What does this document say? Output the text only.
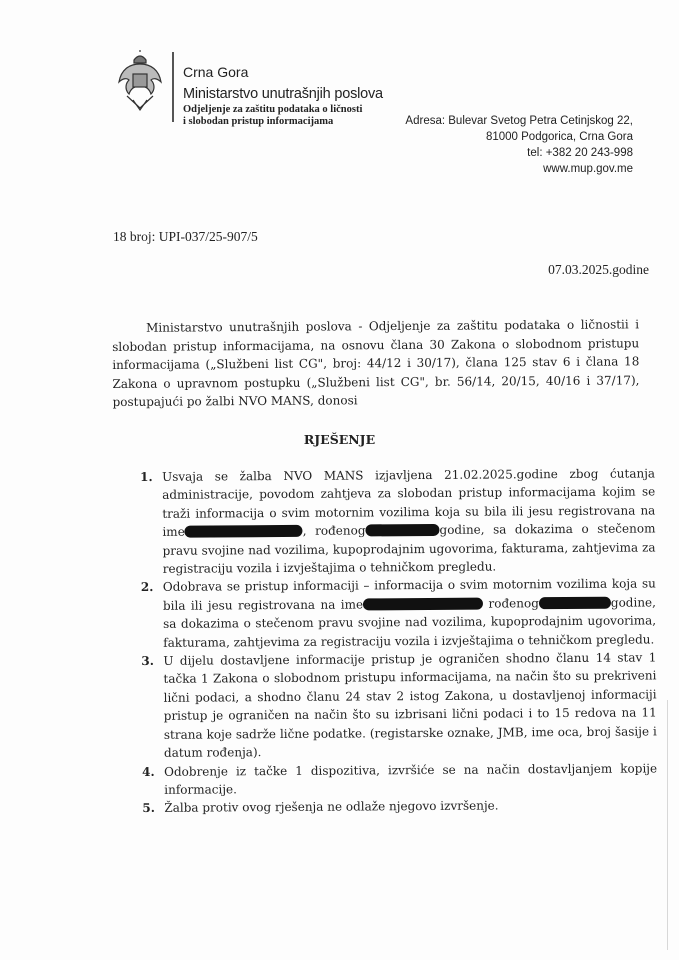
Crna Gora
Ministarstvo unutrašnjih poslova
Odjeljenje za zaštitu podataka o ličnosti
i slobodan pristup informacijama	Adresa: Bulevar Svetog Petra Cetinjskog 22,
81000 Podgorica, Crna Gora
tel: +382 20 243-998
www.mup.gov.me
18 broj: UPI-037/25-907/5
07.03.2025.godine
Ministarstvo unutrašnjih poslova - Odjeljenje za zaštitu podataka o ličnostii i slobodan pristup informacijama, na osnovu člana 30 Zakona o slobodnom pristupu informacijama („Službeni list CG", broj: 44/12 i 30/17), člana 125 stav 6 i člana 18 Zakona o upravnom postupku („Službeni list CG", br. 56/14, 20/15, 40/16 i 37/17), postupajući po žalbi NVO MANS, donosi
RJEŠENJE
1. Usvaja se žalba NVO MANS izjavljena 21.02.2025.godine zbog ćutanja administracije, povodom zahtjeva za slobodan pristup informacijama kojim se traži informacija o svim motornim vozilima koja su bila ili jesu registrovana na ime	, rođenog	godine, sa dokazima o stečenom pravu svojine nad vozilima, kupoprodajnim ugovorima, fakturama, zahtjevima za registraciju vozila i izvještajima o tehničkom pregledu.
2. Odobrava se pristup informaciji – informacija o svim motornim vozilima koja su bila ili jesu registrovana na ime	rođenog	godine, sa dokazima o stečenom pravu svojine nad vozilima, kupoprodajnim ugovorima, fakturama, zahtjevima za registraciju vozila i izvještajima o tehničkom pregledu.
3. U dijelu dostavljene informacije pristup je ograničen shodno članu 14 stav 1 tačka 1 Zakona o slobodnom pristupu informacijama, na način što su prekriveni lični podaci, a shodno članu 24 stav 2 istog Zakona, u dostavljenoj informaciji pristup je ograničen na način što su izbrisani lični podaci i to 15 redova na 11 strana koje sadrže lične podatke. (registarske oznake, JMB, ime oca, broj šasije i datum rođenja).
4. Odobrenje iz tačke 1 dispozitiva, izvršiće se na način dostavljanjem kopije informacije.
5. Žalba protiv ovog rješenja ne odlaže njegovo izvršenje.
